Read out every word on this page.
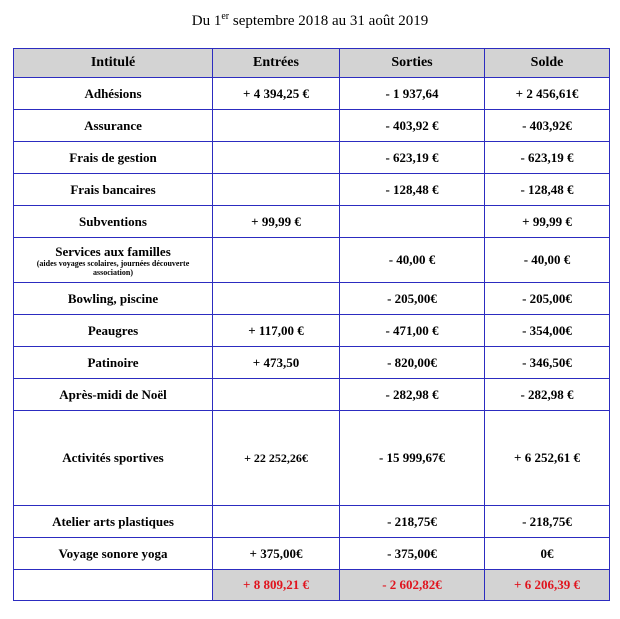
Du 1er septembre 2018 au 31 août 2019
Intitulé	Entrées	Sorties	Solde
Adhésions	+ 4 394,25 €	- 1 937,64	+ 2 456,61€
Assurance		- 403,92 €	- 403,92€
Frais de gestion		- 623,19 €	- 623,19 €
Frais bancaires		- 128,48 €	- 128,48 €
Subventions	+ 99,99 €		+ 99,99 €

Services aux familles
(aides voyages scolaires, journées découverte association)		- 40,00 €	- 40,00 €
Bowling, piscine		- 205,00€	- 205,00€
Peaugres	+ 117,00 €	- 471,00 €	- 354,00€
Patinoire	+ 473,50	- 820,00€	- 346,50€
Après-midi de Noël		- 282,98 €	- 282,98 €
Activités sportives	+ 22 252,26€	- 15 999,67€	+ 6 252,61 €
Atelier arts plastiques		- 218,75€	- 218,75€
Voyage sonore yoga	+ 375,00€	- 375,00€	0€
	+ 8 809,21 €	- 2 602,82€	+ 6 206,39 €
